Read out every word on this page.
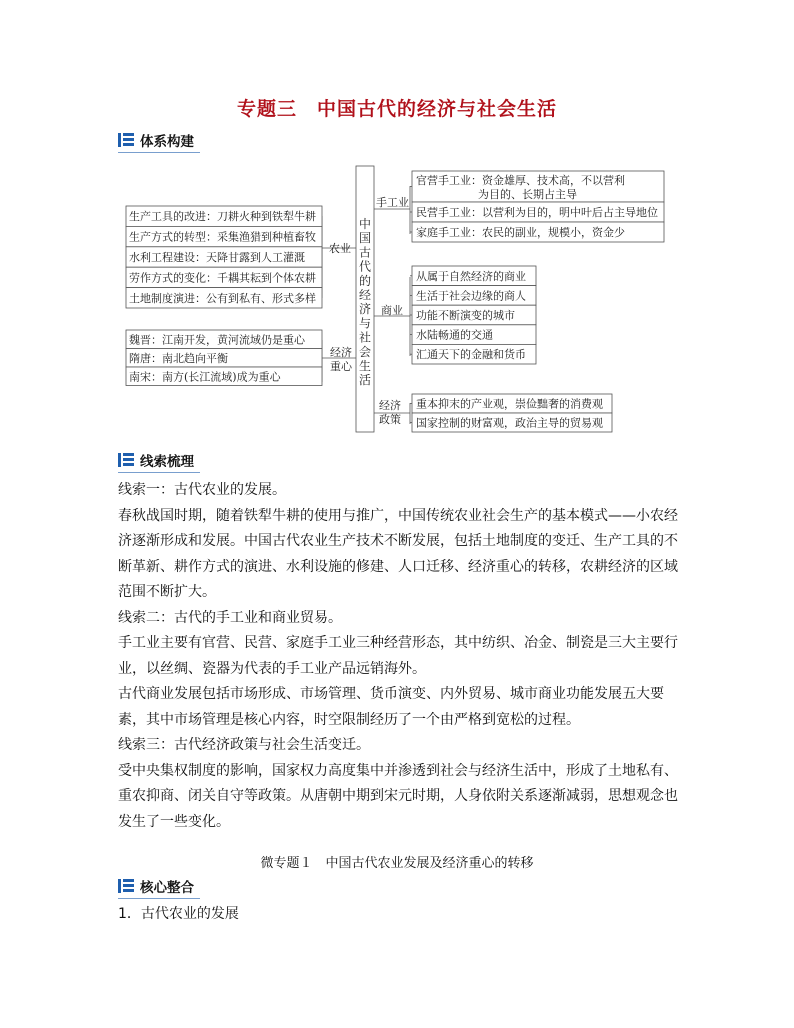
专题三　中国古代的经济与社会生活
体系构建
中
国
古
代
的
经
济
与
社
会
生
活
农业
生产工具的改进：刀耕火种到铁犁牛耕
生产方式的转型：采集渔猎到种植畜牧
水利工程建设：天降甘露到人工灌溉
劳作方式的变化：千耦其耘到个体农耕
土地制度演进：公有到私有、形式多样
经济
重心
魏晋：江南开发，黄河流域仍是重心
隋唐：南北趋向平衡
南宋：南方(长江流域)成为重心
手工业
官营手工业：资金雄厚、技术高，不以营利
为目的、长期占主导
民营手工业：以营利为目的，明中叶后占主导地位
家庭手工业：农民的副业，规模小，资金少
商业
从属于自然经济的商业
生活于社会边缘的商人
功能不断演变的城市
水陆畅通的交通
汇通天下的金融和货币
经济
政策
重本抑末的产业观，崇俭黜奢的消费观
国家控制的财富观，政治主导的贸易观
线索梳理

线索一：古代农业的发展。

春秋战国时期，随着铁犁牛耕的使用与推广，中国传统农业社会生产的基本模式——小农经济逐渐形成和发展。中国古代农业生产技术不断发展，包括土地制度的变迁、生产工具的不断革新、耕作方式的演进、水利设施的修建、人口迁移、经济重心的转移，农耕经济的区域范围不断扩大。

线索二：古代的手工业和商业贸易。

手工业主要有官营、民营、家庭手工业三种经营形态，其中纺织、冶金、制瓷是三大主要行业，以丝绸、瓷器为代表的手工业产品远销海外。

古代商业发展包括市场形成、市场管理、货币演变、内外贸易、城市商业功能发展五大要素，其中市场管理是核心内容，时空限制经历了一个由严格到宽松的过程。

线索三：古代经济政策与社会生活变迁。

受中央集权制度的影响，国家权力高度集中并渗透到社会与经济生活中，形成了土地私有、重农抑商、闭关自守等政策。从唐朝中期到宋元时期，人身依附关系逐渐减弱，思想观念也发生了一些变化。

微专题１　中国古代农业发展及经济重心的转移
核心整合
1．古代农业的发展
